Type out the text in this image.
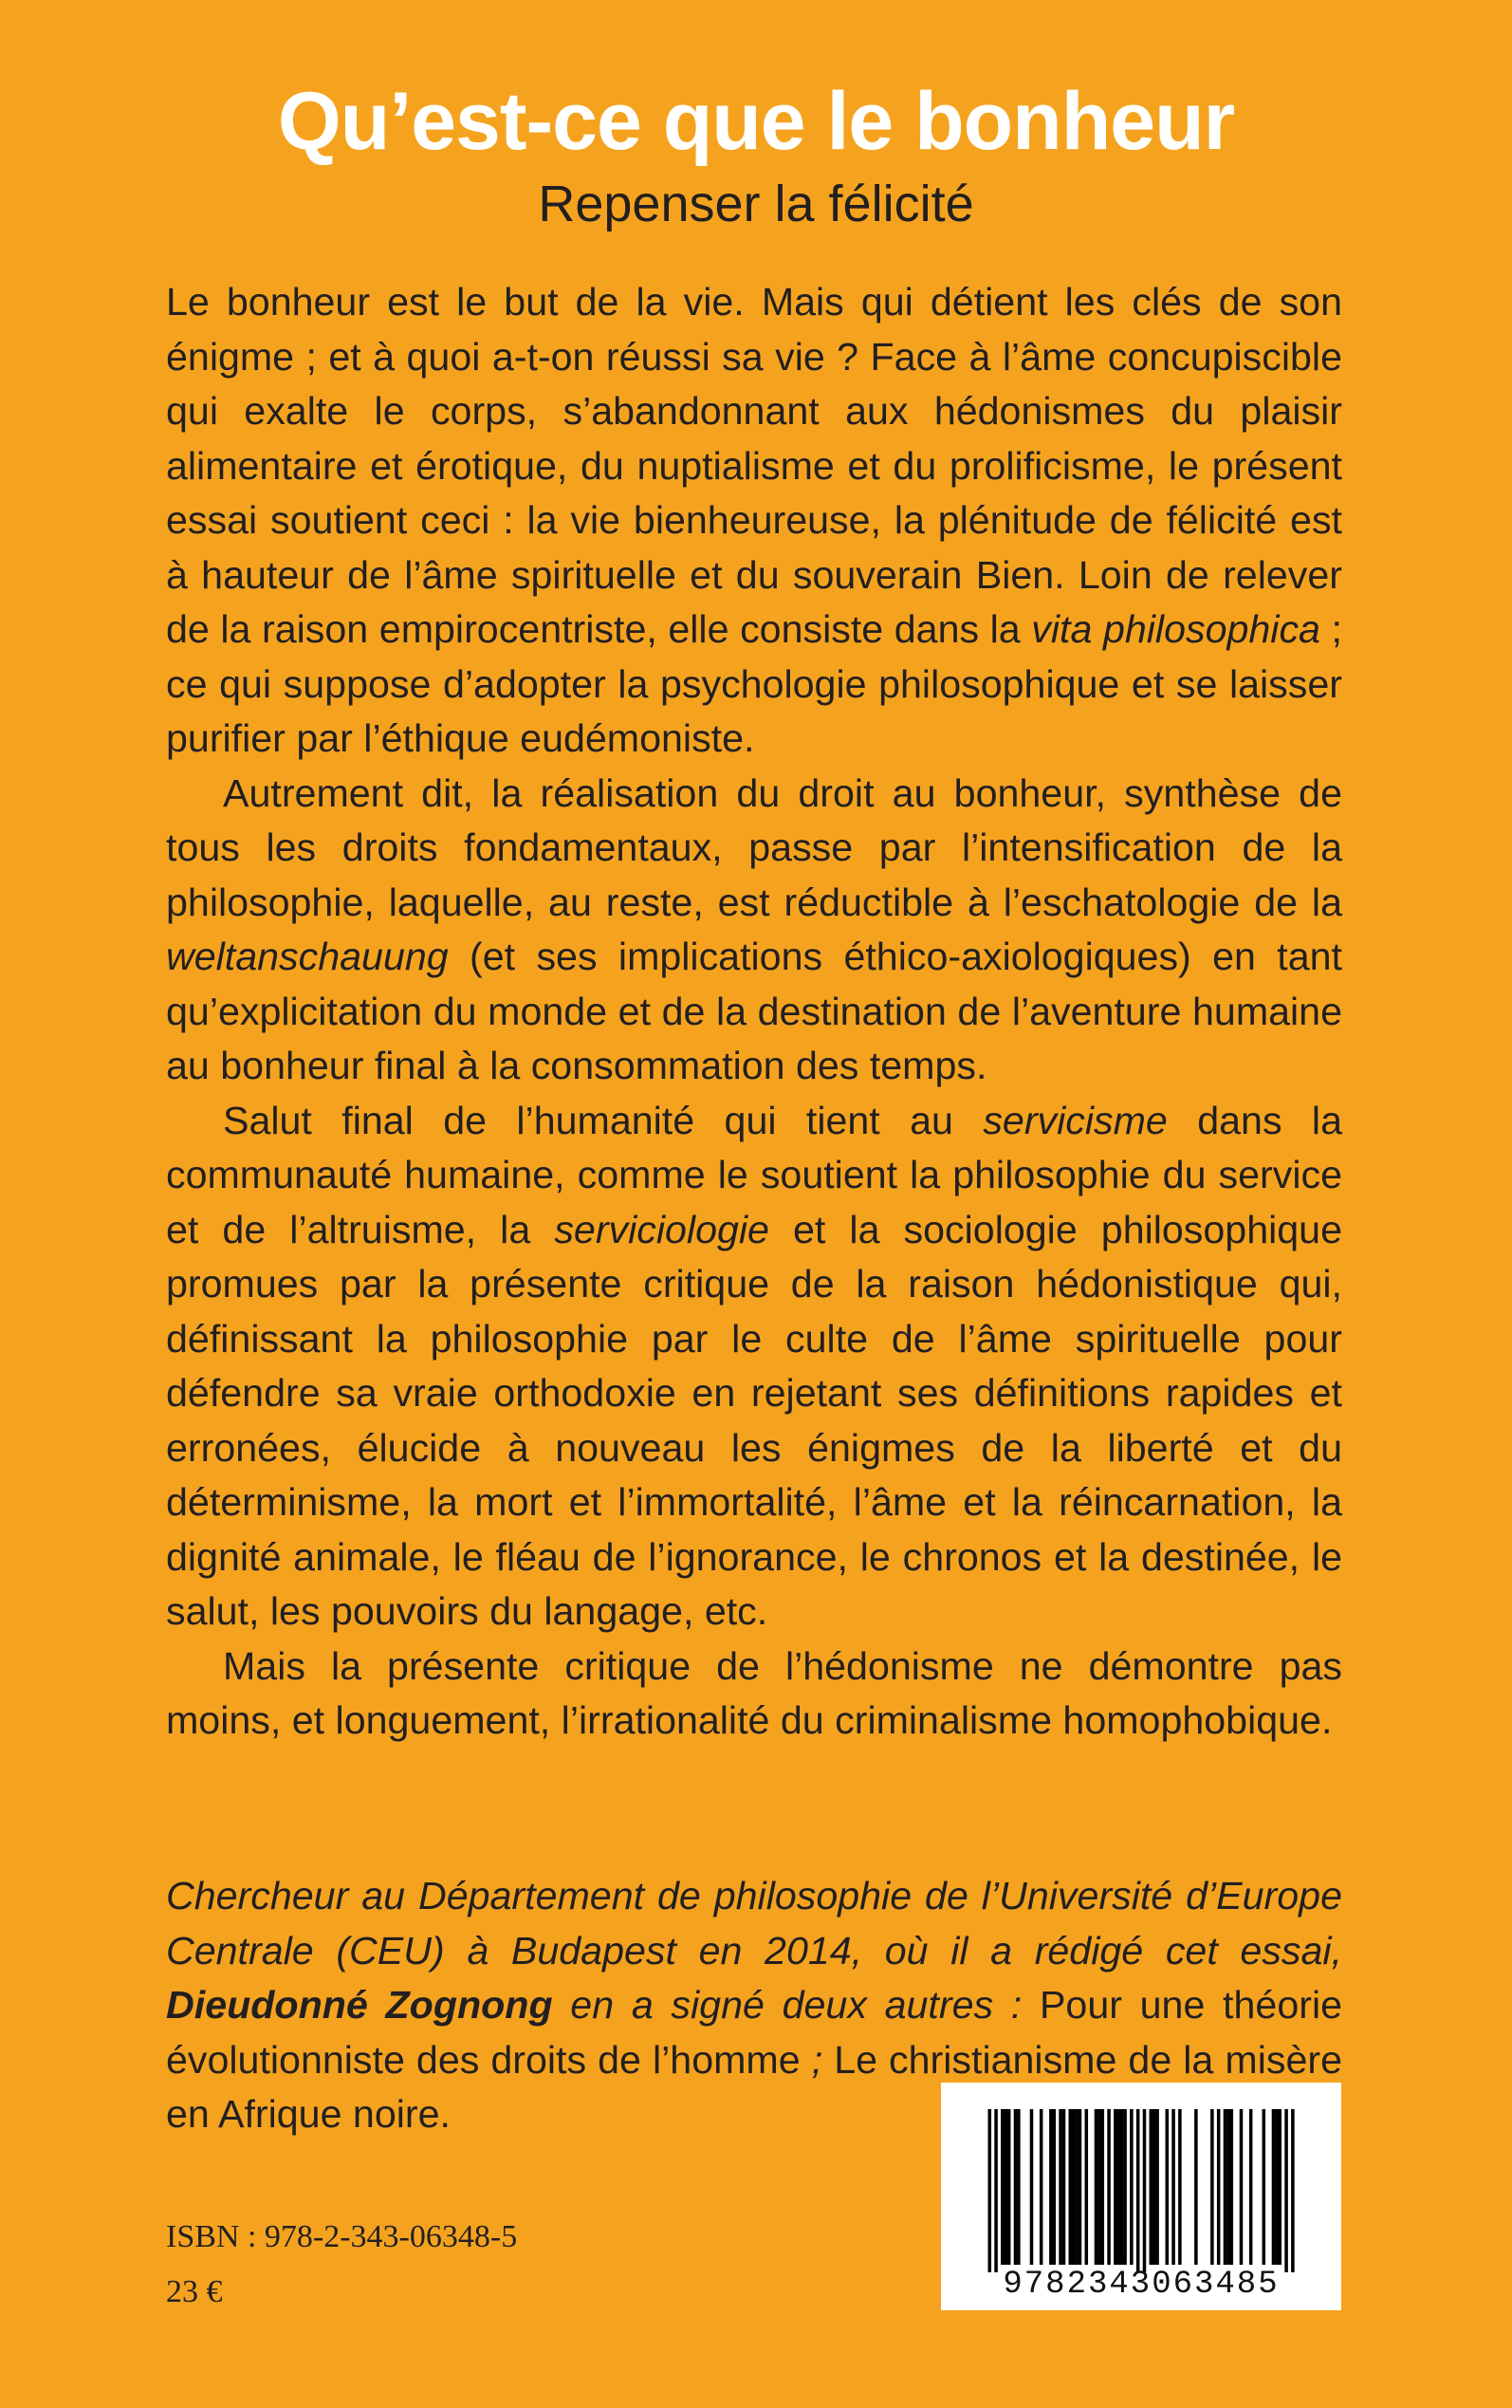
Qu’est-ce que le bonheur
Repenser la félicité

Le bonheur est le but de la vie. Mais qui détient les clés de son énigme ; et à quoi a-t-on réussi sa vie ? Face à l’âme concupiscible qui exalte le corps, s’abandonnant aux hédonismes du plaisir alimentaire et érotique, du nuptialisme et du prolificisme, le présent essai soutient ceci : la vie bienheureuse, la plénitude de félicité est à hauteur de l’âme spirituelle et du souverain Bien. Loin de relever de la raison empirocentriste, elle consiste dans la vita philosophica ; ce qui suppose d’adopter la psychologie philosophique et se laisser purifier par l’éthique eudémoniste.

Autrement dit, la réalisation du droit au bonheur, synthèse de tous les droits fondamentaux, passe par l’intensification de la philosophie, laquelle, au reste, est réductible à l’eschatologie de la weltanschauung (et ses implications éthico-axiologiques) en tant qu’explicitation du monde et de la destination de l’aventure humaine au bonheur final à la consommation des temps.

Salut final de l’humanité qui tient au servicisme dans la communauté humaine, comme le soutient la philosophie du service et de l’altruisme, la serviciologie et la sociologie philosophique promues par la présente critique de la raison hédonistique qui, définissant la philosophie par le culte de l’âme spirituelle pour défendre sa vraie orthodoxie en rejetant ses définitions rapides et erronées, élucide à nouveau les énigmes de la liberté et du déterminisme, la mort et l’immortalité, l’âme et la réincarnation, la dignité animale, le fléau de l’ignorance, le chronos et la destinée, le salut, les pouvoirs du langage, etc.

Mais la présente critique de l’hédonisme ne démontre pas moins, et longuement, l’irrationalité du criminalisme homophobique.

Chercheur au Département de philosophie de l’Université d’Europe Centrale (CEU) à Budapest en 2014, où il a rédigé cet essai, Dieudonné Zognong en a signé deux autres : Pour une théorie évolutionniste des droits de l’homme ; Le christianisme de la misère en Afrique noire.

ISBN : 978-2-343-06348-5
23 €	9782343063485
